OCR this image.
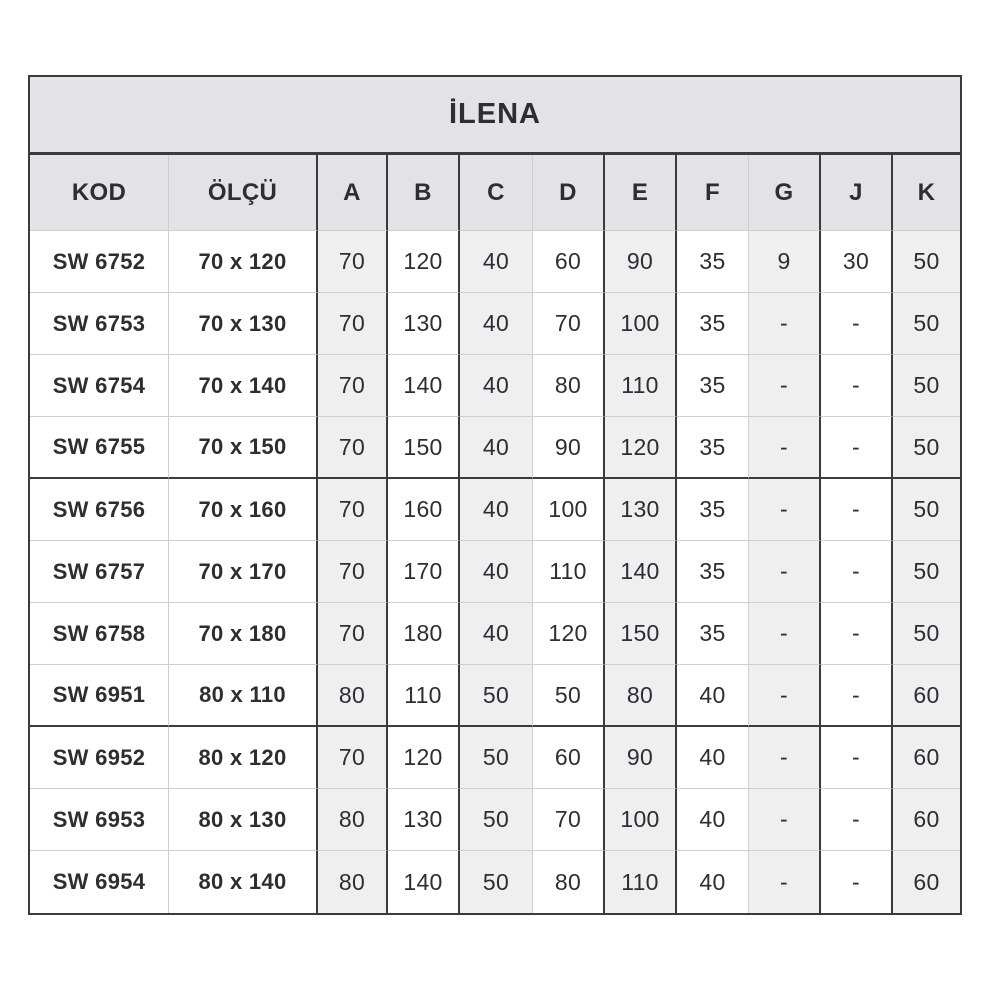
İLENA
KOD	ÖLÇÜ	A	B	C	D	E	F	G	J	K
SW 6752	70 x 120	70	120	40	60	90	35	9	30	50
SW 6753	70 x 130	70	130	40	70	100	35	-	-	50
SW 6754	70 x 140	70	140	40	80	110	35	-	-	50
SW 6755	70 x 150	70	150	40	90	120	35	-	-	50
SW 6756	70 x 160	70	160	40	100	130	35	-	-	50
SW 6757	70 x 170	70	170	40	110	140	35	-	-	50
SW 6758	70 x 180	70	180	40	120	150	35	-	-	50
SW 6951	80 x 110	80	110	50	50	80	40	-	-	60
SW 6952	80 x 120	70	120	50	60	90	40	-	-	60
SW 6953	80 x 130	80	130	50	70	100	40	-	-	60
SW 6954	80 x 140	80	140	50	80	110	40	-	-	60
